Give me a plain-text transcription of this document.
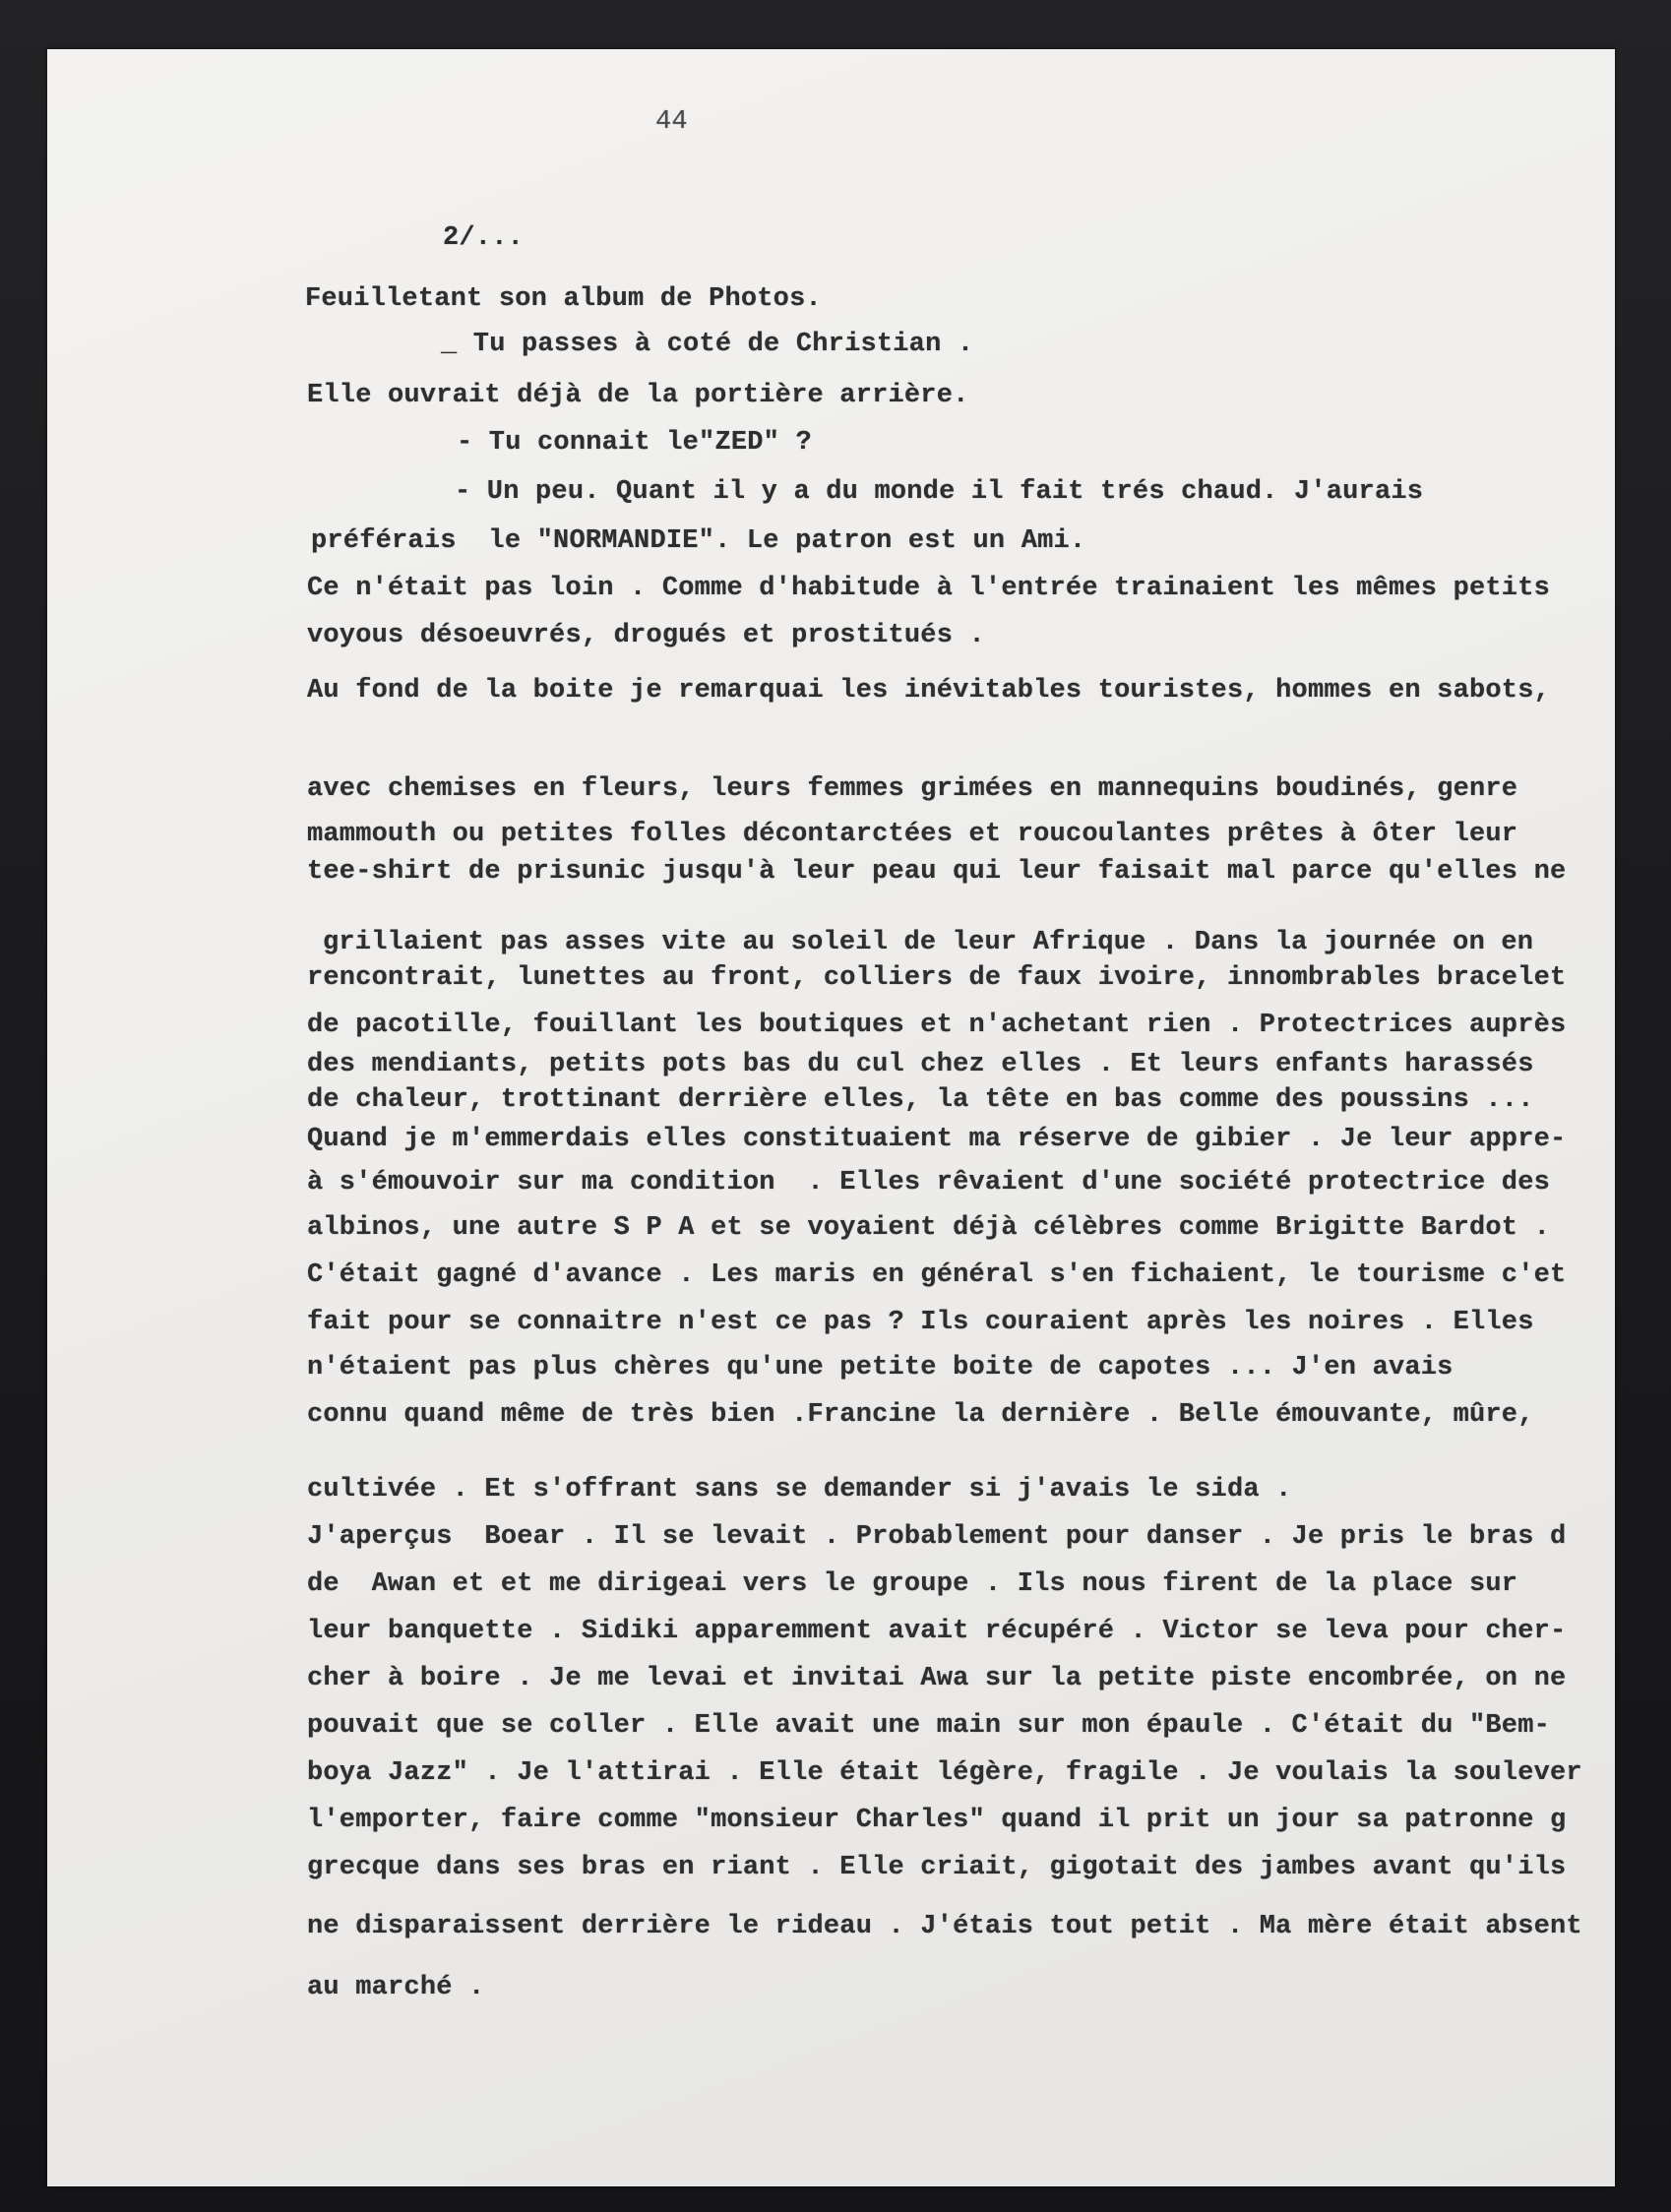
44

2/...

Feuilletant son album de Photos.

_ Tu passes à coté de Christian .

Elle ouvrait déjà de la portière arrière.

- Tu connait le"ZED" ?

- Un peu. Quant il y a du monde il fait trés chaud. J'aurais

préférais  le "NORMANDIE". Le patron est un Ami.

Ce n'était pas loin . Comme d'habitude à l'entrée trainaient les mêmes petits

voyous désoeuvrés, drogués et prostitués .

Au fond de la boite je remarquai les inévitables touristes, hommes en sabots,

avec chemises en fleurs, leurs femmes grimées en mannequins boudinés, genre

mammouth ou petites folles décontarctées et roucoulantes prêtes à ôter leur

tee-shirt de prisunic jusqu'à leur peau qui leur faisait mal parce qu'elles ne

grillaient pas asses vite au soleil de leur Afrique . Dans la journée on en

rencontrait, lunettes au front, colliers de faux ivoire, innombrables bracelet

de pacotille, fouillant les boutiques et n'achetant rien . Protectrices auprès

des mendiants, petits pots bas du cul chez elles . Et leurs enfants harassés

de chaleur, trottinant derrière elles, la tête en bas comme des poussins ...

Quand je m'emmerdais elles constituaient ma réserve de gibier . Je leur appre-

à s'émouvoir sur ma condition  . Elles rêvaient d'une société protectrice des

albinos, une autre S P A et se voyaient déjà célèbres comme Brigitte Bardot .

C'était gagné d'avance . Les maris en général s'en fichaient, le tourisme c'et

fait pour se connaitre n'est ce pas ? Ils couraient après les noires . Elles

n'étaient pas plus chères qu'une petite boite de capotes ... J'en avais

connu quand même de très bien .Francine la dernière . Belle émouvante, mûre,

cultivée . Et s'offrant sans se demander si j'avais le sida .

J'aperçus  Boear . Il se levait . Probablement pour danser . Je pris le bras d

de  Awan et et me dirigeai vers le groupe . Ils nous firent de la place sur

leur banquette . Sidiki apparemment avait récupéré . Victor se leva pour cher-

cher à boire . Je me levai et invitai Awa sur la petite piste encombrée, on ne

pouvait que se coller . Elle avait une main sur mon épaule . C'était du "Bem-

boya Jazz" . Je l'attirai . Elle était légère, fragile . Je voulais la soulever

l'emporter, faire comme "monsieur Charles" quand il prit un jour sa patronne g

grecque dans ses bras en riant . Elle criait, gigotait des jambes avant qu'ils

ne disparaissent derrière le rideau . J'étais tout petit . Ma mère était absent

au marché .
